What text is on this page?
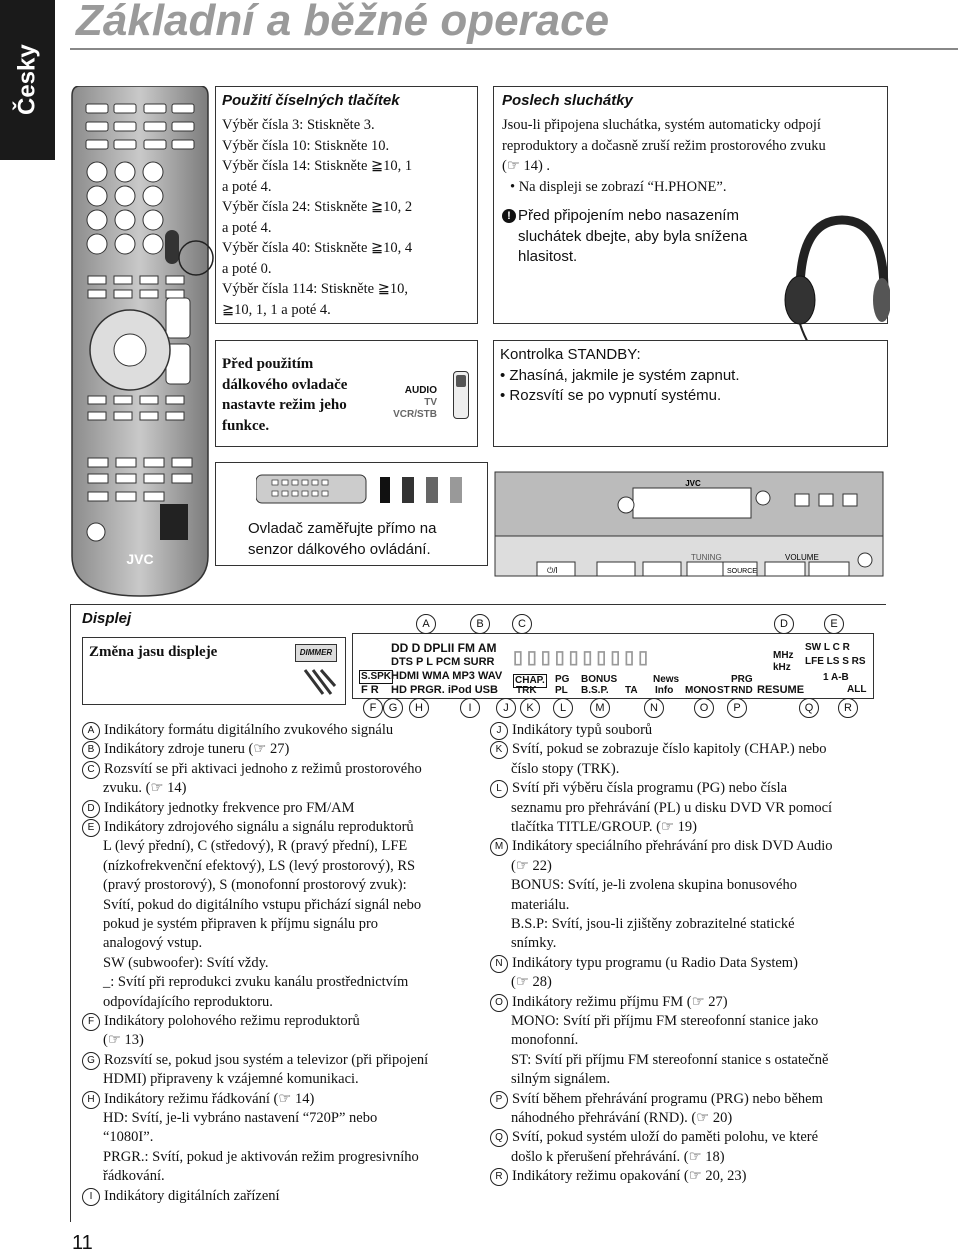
Česky
Základní a běžné operace
JVC
Použití číselných tlačítek
Výběr čísla 3: Stiskněte 3.
Výběr čísla 10: Stiskněte 10.
Výběr čísla 14: Stiskněte ≧10, 1
a poté 4.
Výběr čísla 24: Stiskněte ≧10, 2
a poté 4.
Výběr čísla 40: Stiskněte ≧10, 4
a poté 0.
Výběr čísla 114: Stiskněte ≧10,
≧10, 1, 1 a poté 4.
Poslech sluchátky
Jsou-li připojena sluchátka, systém automaticky odpojí
reproduktory a dočasně zruší režim prostorového zvuku
(☞ 14) .
• Na displeji se zobrazí “H.PHONE”.
! Před připojením nebo nasazením
sluchátek dbejte, aby byla snížena
hlasitost.
Před použitím
dálkového ovladače
nastavte režim jeho
funkce.
AUDIO
TV
VCR/STB
Kontrolka STANDBY:
• Zhasíná, jakmile je systém zapnut.
• Rozsvítí se po vypnutí systému.
Ovladač zaměřujte přímo na
senzor dálkového ovládání.
JVC
⏻/I
TUNING
SOURCE
VOLUME
Displej
Změna jasu displeje	DIMMER	DD D DPLII FM AM
DTS P L PCM SURR
HDMI WMA MP3 WAV
HD PRGR. iPod USB
S.SPK
F R
▯▯▯▯▯▯▯▯▯▯
CHAP.
TRK
PG
PL
BONUS
B.S.P. TA
News
Info MONO ST
PRG
RND RESUME
MHz
kHz
SW L C R
LFE LS S RS
1 A-B
ALL
A	B	C	D	E
F	G	H	I	J	K	L	M	N	O	P	Q	R
A Indikátory formátu digitálního zvukového signálu
B Indikátory zdroje tuneru (☞ 27)
C Rozsvítí se při aktivaci jednoho z režimů prostorového
zvuku. (☞ 14)
D Indikátory jednotky frekvence pro FM/AM
E Indikátory zdrojového signálu a signálu reproduktorů
L (levý přední), C (středový), R (pravý přední), LFE
(nízkofrekvenční efektový), LS (levý prostorový), RS
(pravý prostorový), S (monofonní prostorový zvuk):
Svítí, pokud do digitálního vstupu přichází signál nebo
pokud je systém připraven k příjmu signálu pro
analogový vstup.
SW (subwoofer): Svítí vždy.
_: Svítí při reprodukci zvuku kanálu prostřednictvím
odpovídajícího reproduktoru.
F Indikátory polohového režimu reproduktorů
(☞ 13)
G Rozsvítí se, pokud jsou systém a televizor (při připojení
HDMI) připraveny k vzájemné komunikaci.
H Indikátory režimu řádkování (☞ 14)
HD: Svítí, je-li vybráno nastavení “720P” nebo
“1080I”.
PRGR.: Svítí, pokud je aktivován režim progresivního
řádkování.
I Indikátory digitálních zařízení
J Indikátory typů souborů
K Svítí, pokud se zobrazuje číslo kapitoly (CHAP.) nebo
číslo stopy (TRK).
L Svítí při výběru čísla programu (PG) nebo čísla
seznamu pro přehrávání (PL) u disku DVD VR pomocí
tlačítka TITLE/GROUP. (☞ 19)
M Indikátory speciálního přehrávání pro disk DVD Audio
(☞ 22)
BONUS: Svítí, je-li zvolena skupina bonusového
materiálu.
B.S.P: Svítí, jsou-li zjištěny zobrazitelné statické
snímky.
N Indikátory typu programu (u Radio Data System)
(☞ 28)
O Indikátory režimu příjmu FM (☞ 27)
MONO: Svítí při příjmu FM stereofonní stanice jako
monofonní.
ST: Svítí při příjmu FM stereofonní stanice s ostatečně
silným signálem.
P Svítí během přehrávání programu (PRG) nebo během
náhodného přehrávání (RND). (☞ 20)
Q Svítí, pokud systém uloží do paměti polohu, ve které
došlo k přerušení přehrávání. (☞ 18)
R Indikátory režimu opakování (☞ 20, 23)
11
